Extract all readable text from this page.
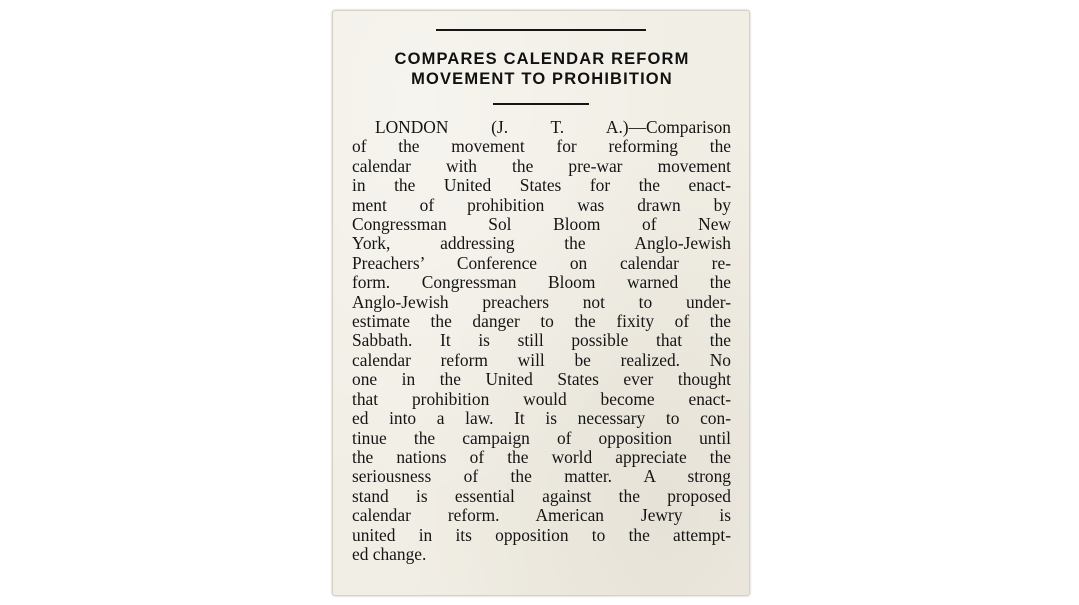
COMPARES CALENDAR REFORM
MOVEMENT TO PROHIBITION
LONDON (J. T. A.)—Comparison
of the movement for reforming the
calendar with the pre-war movement
in the United States for the enact-
ment of prohibition was drawn by
Congressman Sol Bloom of New
York, addressing the Anglo-Jewish
Preachers’ Conference on calendar re-
form. Congressman Bloom warned the
Anglo-Jewish preachers not to under-
estimate the danger to the fixity of the
Sabbath. It is still possible that the
calendar reform will be realized. No
one in the United States ever thought
that prohibition would become enact-
ed into a law. It is necessary to con-
tinue the campaign of opposition until
the nations of the world appreciate the
seriousness of the matter. A strong
stand is essential against the proposed
calendar reform. American Jewry is
united in its opposition to the attempt-
ed change.
